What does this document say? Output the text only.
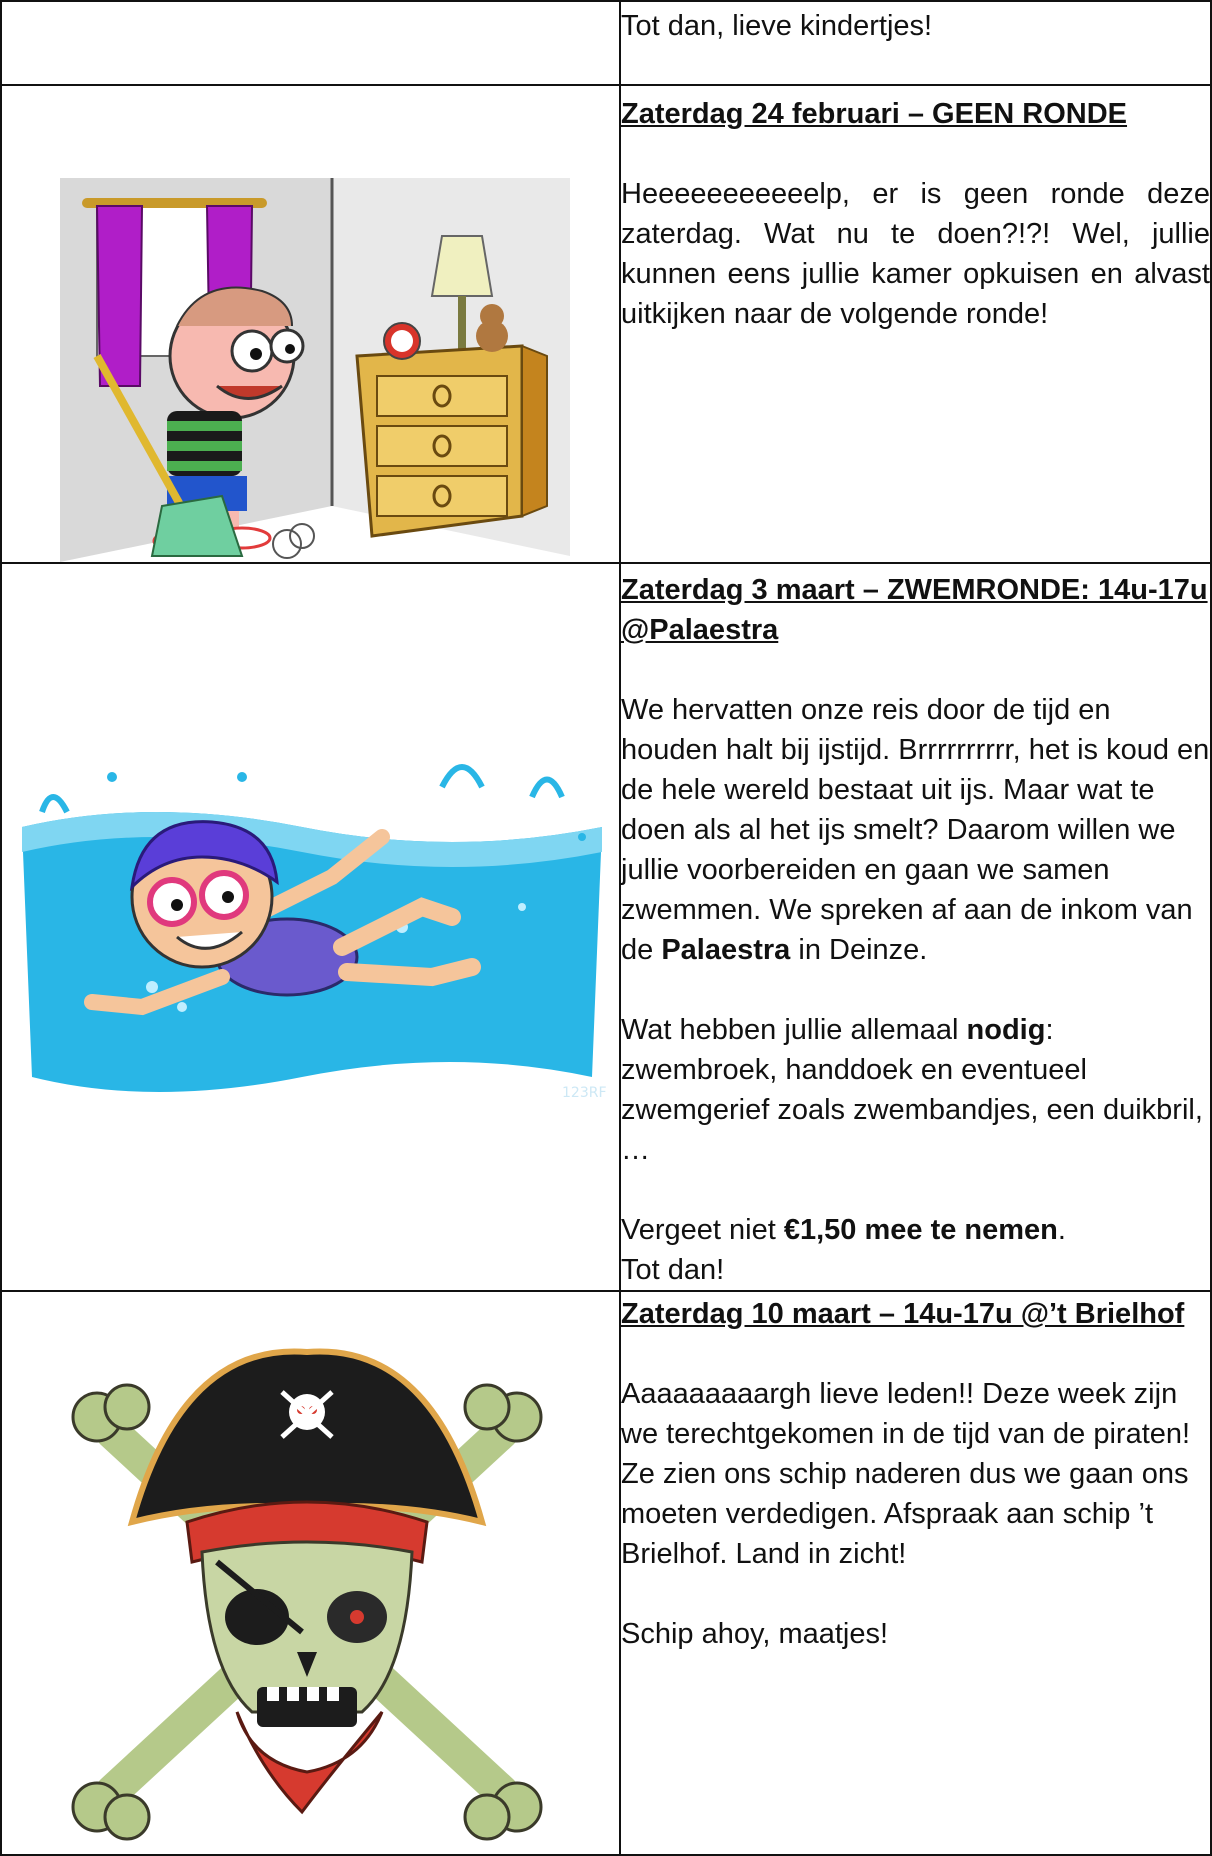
	Tot dan, lieve kindertjes!

Zaterdag 24 februari – GEEN RONDE

Heeeeeeeeeeelp, er is geen ronde deze zaterdag. Wat nu te doen?!?! Wel, jullie kunnen eens jullie kamer opkuisen en alvast uitkijken naar de volgende ronde!

123RF	Zaterdag 3 maart – ZWEMRONDE: 14u-17u @Palaestra

We hervatten onze reis door de tijd en houden halt bij ijstijd. Brrrrrrrrrr, het is koud en de hele wereld bestaat uit ijs. Maar wat te doen als al het ijs smelt? Daarom willen we jullie voorbereiden en gaan we samen zwemmen. We spreken af aan de inkom van de Palaestra in Deinze.

Wat hebben jullie allemaal nodig: zwembroek, handdoek en eventueel zwemgerief zoals zwembandjes, een duikbril, …

Vergeet niet €1,50 mee te nemen.

Tot dan!

Zaterdag 10 maart – 14u-17u @’t Brielhof

Aaaaaaaaargh lieve leden!! Deze week zijn we terechtgekomen in de tijd van de piraten! Ze zien ons schip naderen dus we gaan ons moeten verdedigen. Afspraak aan schip ’t Brielhof. Land in zicht!

Schip ahoy, maatjes!
